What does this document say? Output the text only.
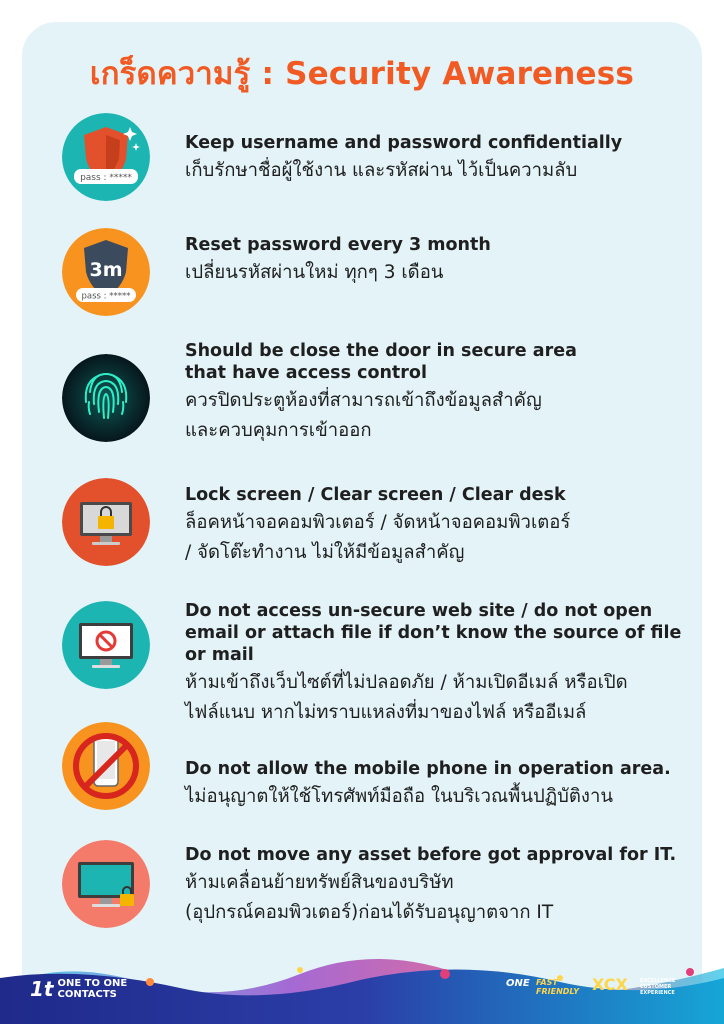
เกร็ดความรู้ : Security Awareness
pass : *****
Keep username and password confidentially
เก็บรักษาชื่อผู้ใช้งาน และรหัสผ่าน ไว้เป็นความลับ
3m
pass : *****
Reset password every 3 month
เปลี่ยนรหัสผ่านใหม่ ทุกๆ 3 เดือน
Should be close the door in secure area
that have access control
ควรปิดประตูห้องที่สามารถเข้าถึงข้อมูลสำคัญ
และควบคุมการเข้าออก
Lock screen / Clear screen / Clear desk
ล็อคหน้าจอคอมพิวเตอร์ / จัดหน้าจอคอมพิวเตอร์
/ จัดโต๊ะทำงาน ไม่ให้มีข้อมูลสำคัญ
Do not access un-secure web site / do not open
email or attach file if don’t know the source of file
or mail
ห้ามเข้าถึงเว็บไซต์ที่ไม่ปลอดภัย / ห้ามเปิดอีเมล์ หรือเปิด
ไฟล์แนบ หากไม่ทราบแหล่งที่มาของไฟล์ หรืออีเมล์
Do not allow the mobile phone in operation area.
ไม่อนุญาตให้ใช้โทรศัพท์มือถือ ในบริเวณพื้นปฏิบัติงาน
Do not move any asset before got approval for IT.
ห้ามเคลื่อนย้ายทรัพย์สินของบริษัท
(อุปกรณ์คอมพิวเตอร์)ก่อนได้รับอนุญาตจาก IT
1t ONE TO ONE
CONTACTS
ONE FAST FRIENDLY XCX EXCELLENCE CUSTOMER EXPERIENCE
